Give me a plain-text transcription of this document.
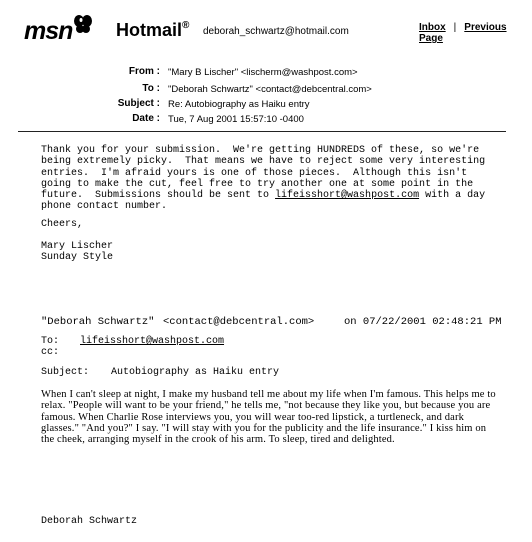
msn Hotmail®
deborah_schwartz@hotmail.com	Inbox | Previous Page
From : "Mary B Lischer" <lischerm@washpost.com>
To : "Deborah Schwartz" <contact@debcentral.com>
Subject : Re: Autobiography as Haiku entry
Date : Tue, 7 Aug 2001 15:57:10 -0400
Thank you for your submission.  We're getting HUNDREDS of these, so we're
being extremely picky.  That means we have to reject some very interesting
entries.  I'm afraid yours is one of those pieces.  Although this isn't
going to make the cut, feel free to try another one at some point in the
future.  Submissions should be sent to lifeisshort@washpost.com with a day
phone contact number.
Cheers,
Mary Lischer
Sunday Style
"Deborah Schwartz" <contact@debcentral.com>	on 07/22/2001 02:48:21 PM
To: lifeisshort@washpost.com
cc:
Subject: Autobiography as Haiku entry
When I can't sleep at night, I make my husband tell me about my life when I'm famous. This helps me to relax. "People will want to be your friend," he tells me, "not because they like you, but because you are famous. When Charlie Rose interviews you, you will wear too-red lipstick, a turtleneck, and dark glasses." "And you?" I say. "I will stay with you for the publicity and the life insurance." I kiss him on the cheek, arranging myself in the crook of his arm. To sleep, tired and delighted.
Deborah Schwartz
